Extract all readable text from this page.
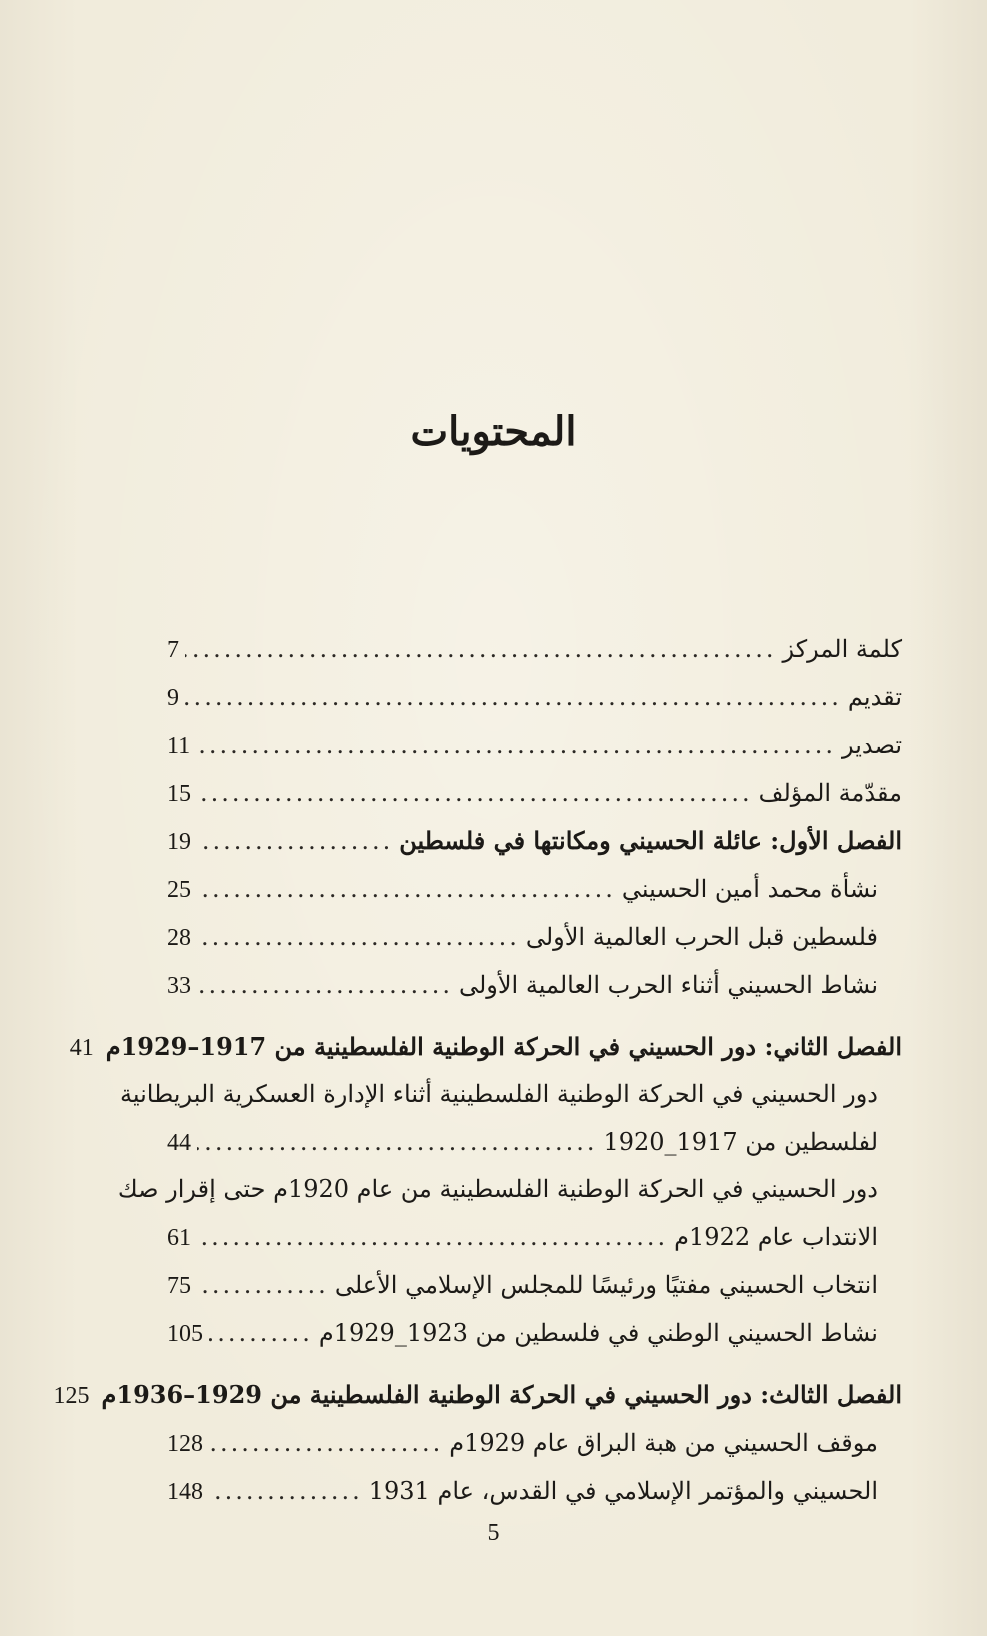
المحتويات
كلمة المركز
.....
7
تقديم
.....
9
تصدير
.....
11
مقدّمة المؤلف
.....
15
الفصل الأول: عائلة الحسيني ومكانتها في فلسطين
.....
19
نشأة محمد أمين الحسيني
.....
25
فلسطين قبل الحرب العالمية الأولى
.....
28
نشاط الحسيني أثناء الحرب العالمية الأولى
.....
33
الفصل الثاني: دور الحسيني في الحركة الوطنية الفلسطينية من 1917–1929م
41
دور الحسيني في الحركة الوطنية الفلسطينية أثناء الإدارة العسكرية البريطانية
لفلسطين من 1917_1920
.....
44
دور الحسيني في الحركة الوطنية الفلسطينية من عام 1920م حتى إقرار صك
الانتداب عام 1922م
.....
61
انتخاب الحسيني مفتيًا ورئيسًا للمجلس الإسلامي الأعلى
.....
75
نشاط الحسيني الوطني في فلسطين من 1923_1929م
.....
105
الفصل الثالث: دور الحسيني في الحركة الوطنية الفلسطينية من 1929–1936م
125
موقف الحسيني من هبة البراق عام 1929م
.....
128
الحسيني والمؤتمر الإسلامي في القدس، عام 1931
.....
148
5
